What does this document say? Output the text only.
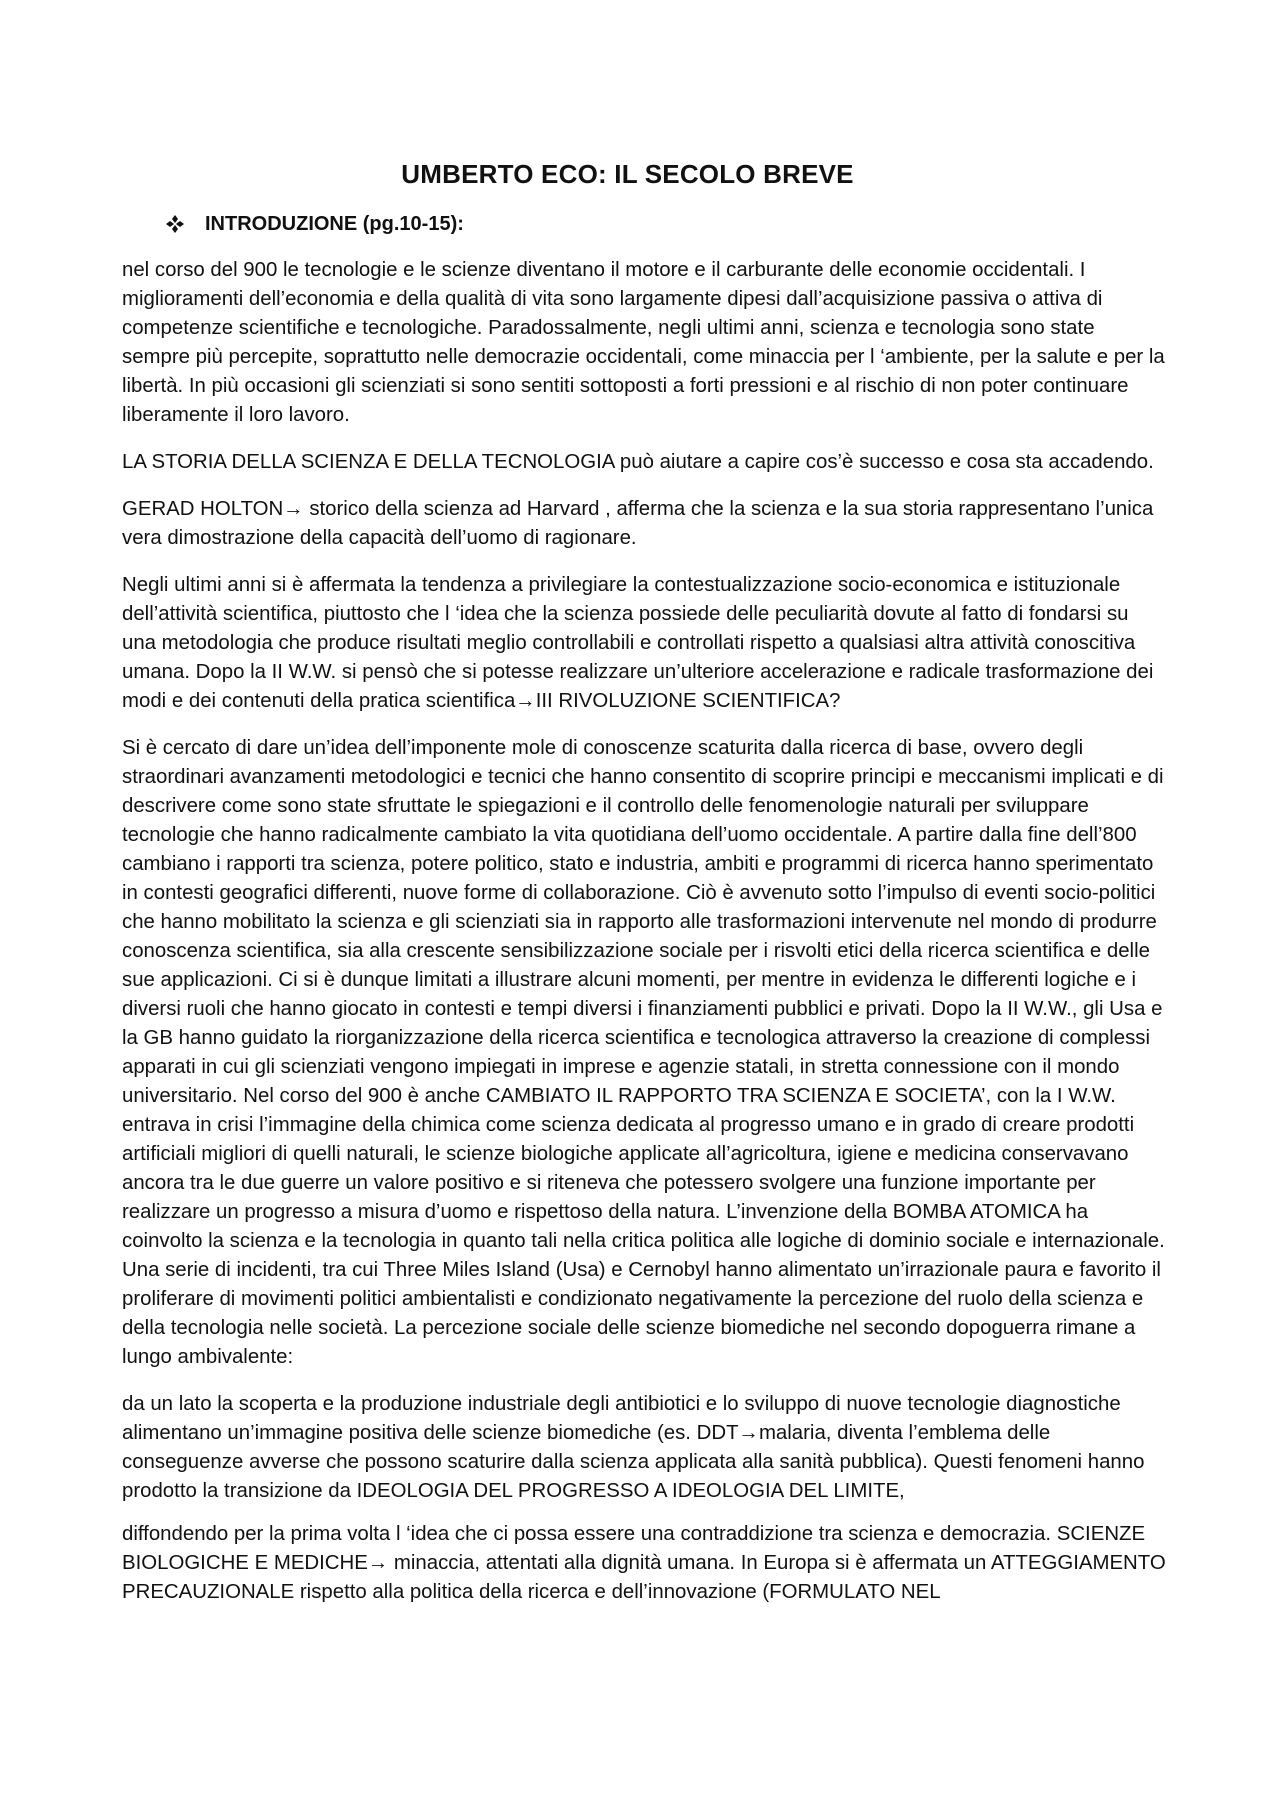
UMBERTO ECO: IL SECOLO BREVE
INTRODUZIONE (pg.10-15):

nel corso del 900 le tecnologie e le scienze diventano il motore e il carburante delle economie occidentali. I miglioramenti dell’economia e della qualità di vita sono largamente dipesi dall’acquisizione passiva o attiva di competenze scientifiche e tecnologiche. Paradossalmente, negli ultimi anni, scienza e tecnologia sono state sempre più percepite, soprattutto nelle democrazie occidentali, come minaccia per l ‘ambiente, per la salute e per la libertà. In più occasioni gli scienziati si sono sentiti sottoposti a forti pressioni e al rischio di non poter continuare liberamente il loro lavoro.

LA STORIA DELLA SCIENZA E DELLA TECNOLOGIA può aiutare a capire cos’è successo e cosa sta accadendo.

GERAD HOLTON→ storico della scienza ad Harvard , afferma che la scienza e la sua storia rappresentano l’unica vera dimostrazione della capacità dell’uomo di ragionare.

Negli ultimi anni si è affermata la tendenza a privilegiare la contestualizzazione socio-economica e istituzionale dell’attività scientifica, piuttosto che l ‘idea che la scienza possiede delle peculiarità dovute al fatto di fondarsi su una metodologia che produce risultati meglio controllabili e controllati rispetto a qualsiasi altra attività conoscitiva umana. Dopo la II W.W. si pensò che si potesse realizzare un’ulteriore accelerazione e radicale trasformazione dei modi e dei contenuti della pratica scientifica→III RIVOLUZIONE SCIENTIFICA?

Si è cercato di dare un’idea dell’imponente mole di conoscenze scaturita dalla ricerca di base, ovvero degli straordinari avanzamenti metodologici e tecnici che hanno consentito di scoprire principi e meccanismi implicati e di descrivere come sono state sfruttate le spiegazioni e il controllo delle fenomenologie naturali per sviluppare tecnologie che hanno radicalmente cambiato la vita quotidiana dell’uomo occidentale. A partire dalla fine dell’800 cambiano i rapporti tra scienza, potere politico, stato e industria, ambiti e programmi di ricerca hanno sperimentato in contesti geografici differenti, nuove forme di collaborazione. Ciò è avvenuto sotto l’impulso di eventi socio-politici che hanno mobilitato la scienza e gli scienziati sia in rapporto alle trasformazioni intervenute nel mondo di produrre conoscenza scientifica, sia alla crescente sensibilizzazione sociale per i risvolti etici della ricerca scientifica e delle sue applicazioni. Ci si è dunque limitati a illustrare alcuni momenti, per mentre in evidenza le differenti logiche e i diversi ruoli che hanno giocato in contesti e tempi diversi i finanziamenti pubblici e privati. Dopo la II W.W., gli Usa e la GB hanno guidato la riorganizzazione della ricerca scientifica e tecnologica attraverso la creazione di complessi apparati in cui gli scienziati vengono impiegati in imprese e agenzie statali, in stretta connessione con il mondo universitario. Nel corso del 900 è anche CAMBIATO IL RAPPORTO TRA SCIENZA E SOCIETA’, con la I W.W. entrava in crisi l’immagine della chimica come scienza dedicata al progresso umano e in grado di creare prodotti artificiali migliori di quelli naturali, le scienze biologiche applicate all’agricoltura, igiene e medicina conservavano ancora tra le due guerre un valore positivo e si riteneva che potessero svolgere una funzione importante per realizzare un progresso a misura d’uomo e rispettoso della natura. L’invenzione della BOMBA ATOMICA ha coinvolto la scienza e la tecnologia in quanto tali nella critica politica alle logiche di dominio sociale e internazionale. Una serie di incidenti, tra cui Three Miles Island (Usa) e Cernobyl hanno alimentato un’irrazionale paura e favorito il proliferare di movimenti politici ambientalisti e condizionato negativamente la percezione del ruolo della scienza e della tecnologia nelle società. La percezione sociale delle scienze biomediche nel secondo dopoguerra rimane a lungo ambivalente:

da un lato la scoperta e la produzione industriale degli antibiotici e lo sviluppo di nuove tecnologie diagnostiche alimentano un’immagine positiva delle scienze biomediche (es. DDT→malaria, diventa l’emblema delle conseguenze avverse che possono scaturire dalla scienza applicata alla sanità pubblica). Questi fenomeni hanno prodotto la transizione da IDEOLOGIA DEL PROGRESSO A IDEOLOGIA DEL LIMITE,

diffondendo per la prima volta l ‘idea che ci possa essere una contraddizione tra scienza e democrazia. SCIENZE BIOLOGICHE E MEDICHE→ minaccia, attentati alla dignità umana. In Europa si è affermata un ATTEGGIAMENTO PRECAUZIONALE rispetto alla politica della ricerca e dell’innovazione (FORMULATO NEL
